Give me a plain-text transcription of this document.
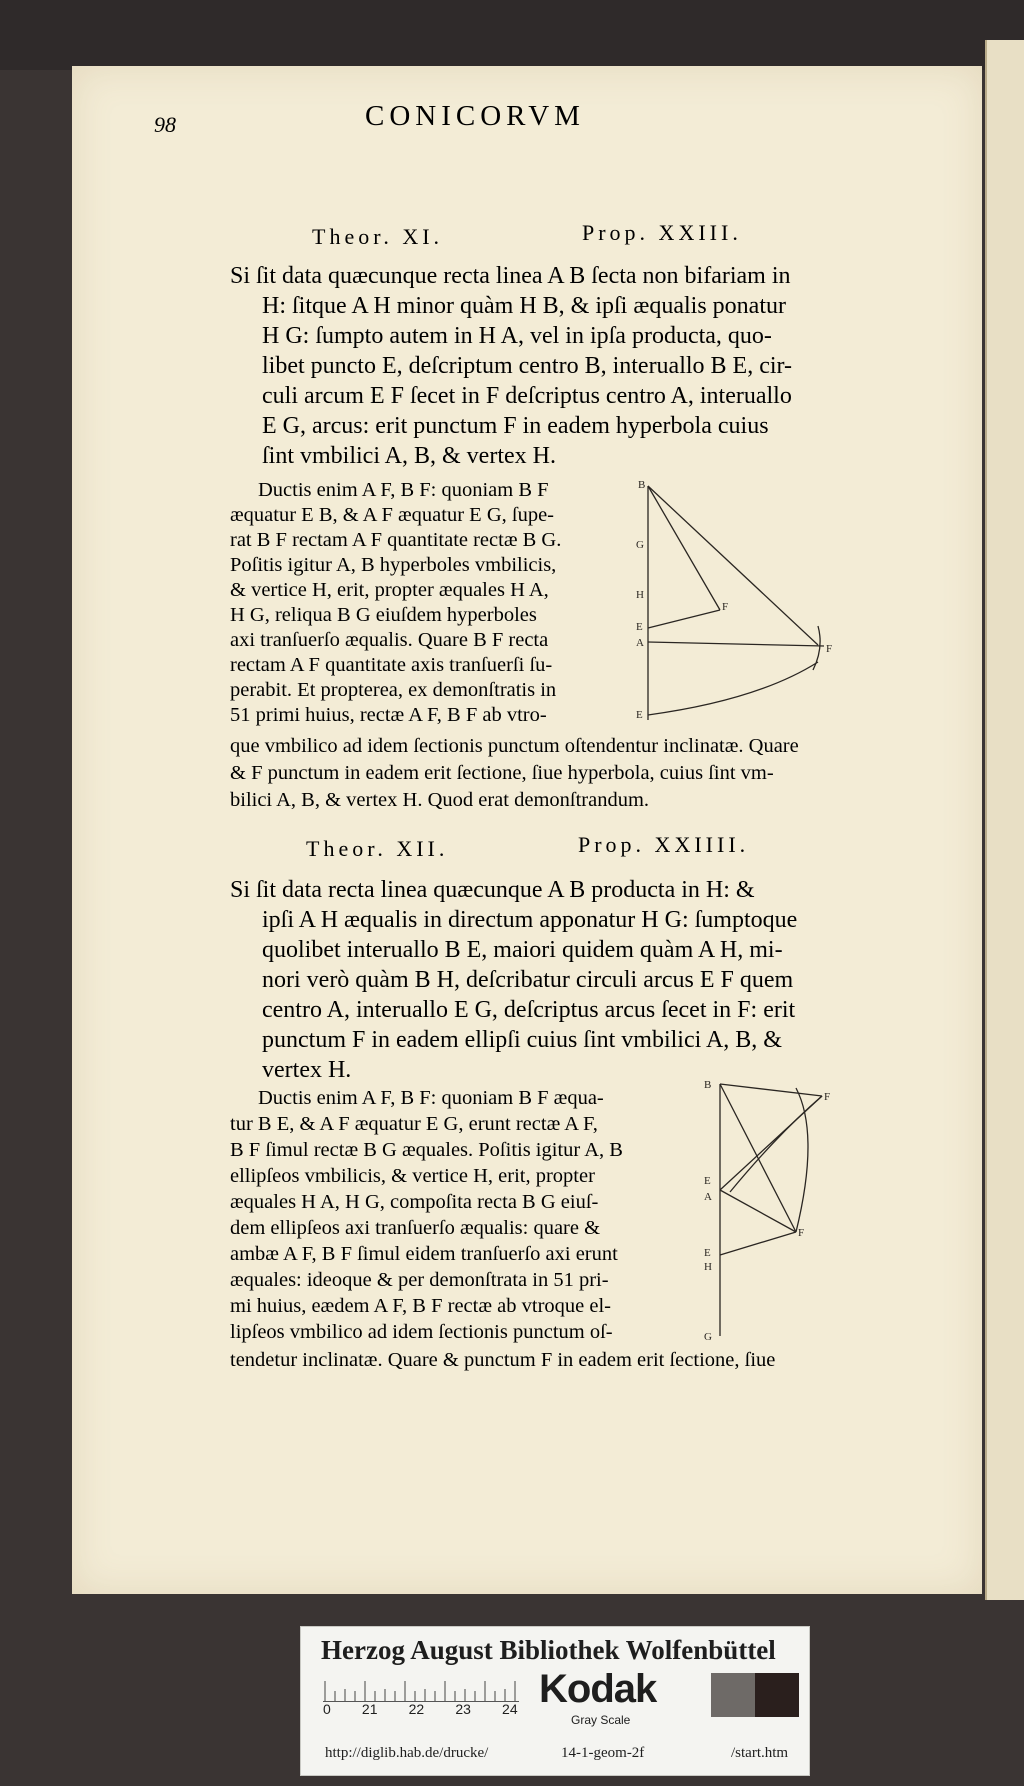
98	CONICORVM
Theor. XI.	Prop. XXIII.
Si ſit data quæcunque recta linea A B ſecta non bifariam in
H: ſitque A H minor quàm H B, & ipſi æqualis ponatur
H G: ſumpto autem in H A, vel in ipſa producta, quo-
libet puncto E, deſcriptum centro B, interuallo B E, cir-
culi arcum E F ſecet in F deſcriptus centro A, interuallo
E G, arcus: erit punctum F in eadem hyperbola cuius
ſint vmbilici A, B, & vertex H.
Ductis enim A F, B F: quoniam B F
æquatur E B, & A F æquatur E G, ſupe-
rat B F rectam A F quantitate rectæ B G.
Poſitis igitur A, B hyperboles vmbilicis,
& vertice H, erit, propter æquales H A,
H G, reliqua B G eiuſdem hyperboles
axi tranſuerſo æqualis. Quare B F recta
rectam A F quantitate axis tranſuerſi ſu-
perabit. Et propterea, ex demonſtratis in
51 primi huius, rectæ A F, B F ab vtro-
que vmbilico ad idem ſectionis punctum oſtendentur inclinatæ. Quare
& F punctum in eadem erit ſectione, ſiue hyperbola, cuius ſint vm-
bilici A, B, & vertex H. Quod erat demonſtrandum.
B
G
H
E
A
E
F
F
Theor. XII.	Prop. XXIIII.
Si ſit data recta linea quæcunque A B producta in H: &
ipſi A H æqualis in directum apponatur H G: ſumptoque
quolibet interuallo B E, maiori quidem quàm A H, mi-
nori verò quàm B H, deſcribatur circuli arcus E F quem
centro A, interuallo E G, deſcriptus arcus ſecet in F: erit
punctum F in eadem ellipſi cuius ſint vmbilici A, B, &
vertex H.
Ductis enim A F, B F: quoniam B F æqua-
tur B E, & A F æquatur E G, erunt rectæ A F,
B F ſimul rectæ B G æquales. Poſitis igitur A, B
ellipſeos vmbilicis, & vertice H, erit, propter
æquales H A, H G, compoſita recta B G eiuſ-
dem ellipſeos axi tranſuerſo æqualis: quare &
ambæ A F, B F ſimul eidem tranſuerſo axi erunt
æquales: ideoque & per demonſtrata in 51 pri-
mi huius, eædem A F, B F rectæ ab vtroque el-
lipſeos vmbilico ad idem ſectionis punctum oſ-
tendetur inclinatæ. Quare & punctum F in eadem erit ſectione, ſiue
B
F
E
A
F
E
H
G
Herzog August Bibliothek Wolfenbüttel
0 21 22 23 24 Kodak
Gray Scale
http://diglib.hab.de/drucke/	14-1-geom-2f	/start.htm
